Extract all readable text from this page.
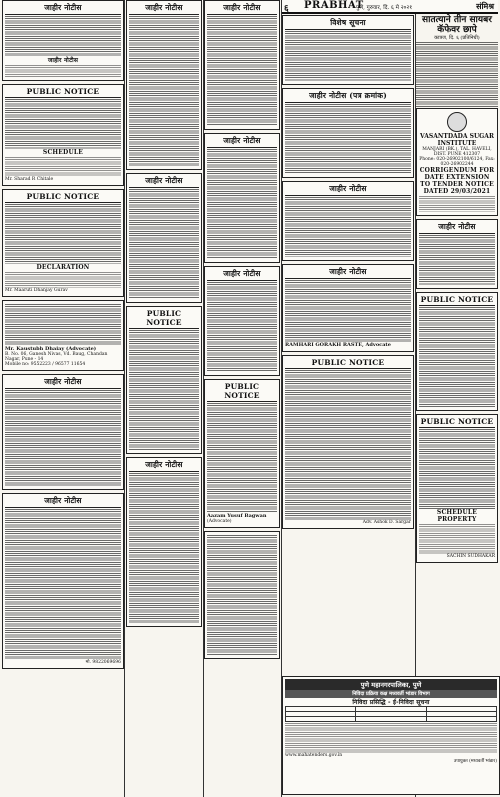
६ PRABHAT
पुणे, गुरुवार, दि. ६ मे २०२१	संमिश्र
जाहीर नोटीस
जाहीर नोटीस
PUBLIC NOTICE
SCHEDULE
Mr. Sharad R Chitale
PUBLIC NOTICE
DECLARATION
Mr. Maaruti Dhanjay Gurav
Mr. Kaustubh Dhaiay (Advocate)
B. No. 06, Ganesh Nivas, Vd. Baug, Chandan Nagar, Pune - 14
Mobile no: 9552223 / 96577 11654
जाहीर नोटीस
जाहीर नोटीस
मो. 9822069696
जाहीर नोटीस
जाहीर नोटीस
PUBLIC NOTICE
जाहीर नोटीस
जाहीर नोटीस
जाहीर नोटीस
जाहीर नोटीस
PUBLIC NOTICE
Aazam Yusuf Bagwan
(Advocate)
विशेष सूचना
जाहीर नोटीस (पत्र क्रमांक)
जाहीर नोटीस
जाहीर नोटीस
RAMHARI GORAKH RASTE, Advocate
PUBLIC NOTICE
Adv. Ashok D. Sargar
सातत्याने तीन सायबर कॅफेवर छापे
कात्रज, दि. ६ (प्रतिनिधी)
VASANTDADA SUGAR INSTITUTE
MANJARI (BK.), TAL. HAVELI, DIST. PUNE 412307
Phone: 020-26902100/6124, Fax: 020-26902244
CORRIGENDUM FOR DATE EXTENSION TO TENDER NOTICE DATED 29/03/2021
जाहीर नोटीस
PUBLIC NOTICE
PUBLIC NOTICE
SCHEDULE PROPERTY
SACHIN SUDHAKAR
पुणे महानगरपालिका, पुणे
निविदा प्रक्रिया कक्ष मध्यवर्ती भांडार विभाग
निविदा प्रसिद्धि - ई-निविदा सूचना

www.mahatenders.gov.in
उपायुक्त (मध्यवर्ती भांडार)
